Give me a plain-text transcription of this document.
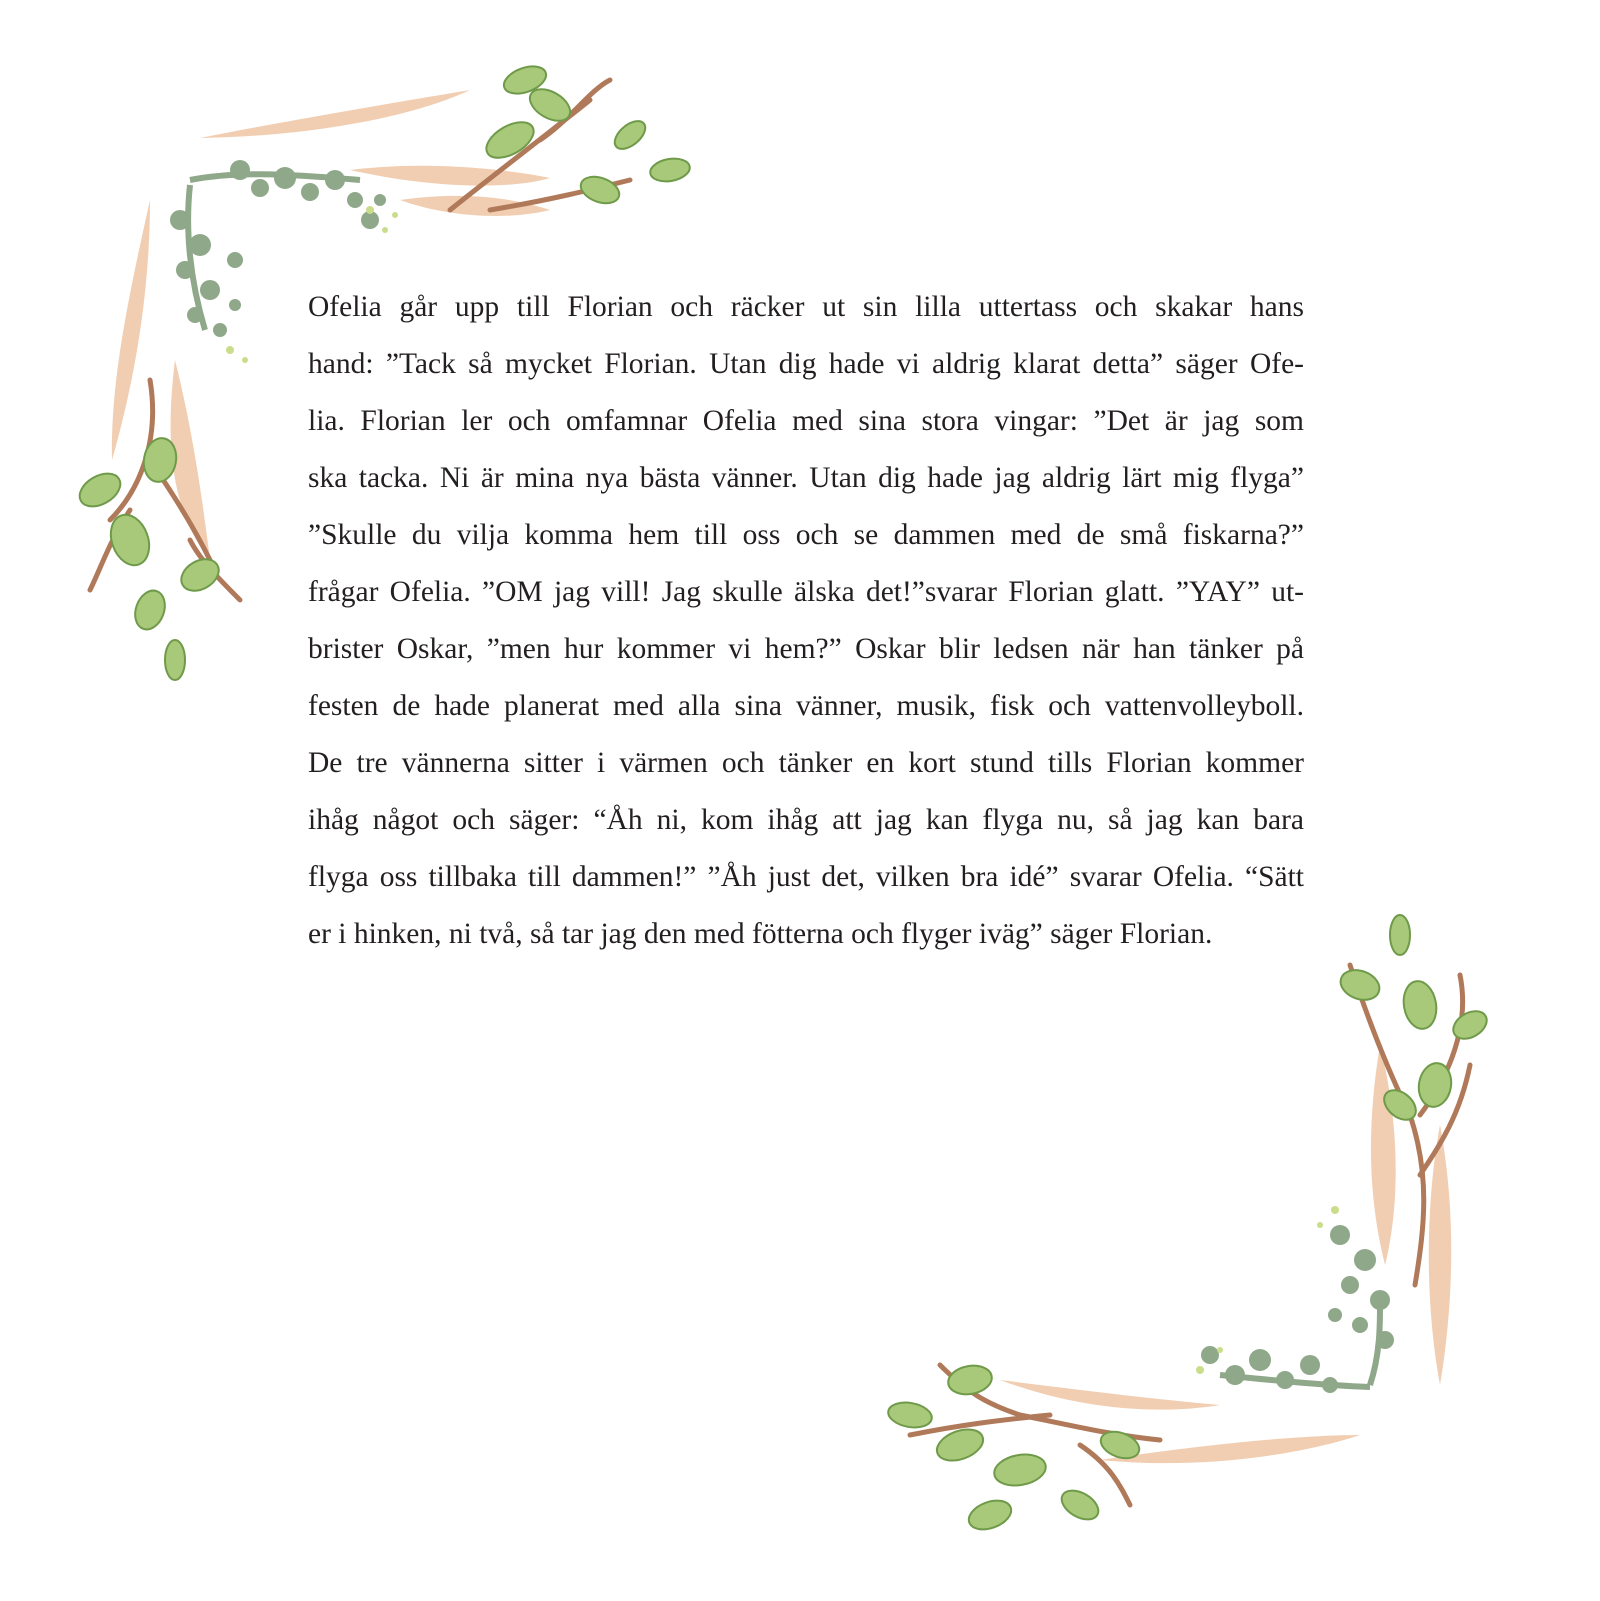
Ofelia går upp till Florian och räcker ut sin lilla uttertass och skakar hans
hand: ”Tack så mycket Florian. Utan dig hade vi aldrig klarat detta” säger Ofe-
lia. Florian ler och omfamnar Ofelia med sina stora vingar: ”Det är jag som
ska tacka. Ni är mina nya bästa vänner. Utan dig hade jag aldrig lärt mig flyga”
”Skulle du vilja komma hem till oss och se dammen med de små fiskarna?”
frågar Ofelia. ”OM jag vill! Jag skulle älska det!”svarar Florian glatt. ”YAY” ut-
brister Oskar, ”men hur kommer vi hem?” Oskar blir ledsen när han tänker på
festen de hade planerat med alla sina vänner, musik, fisk och vattenvolleyboll.
De tre vännerna sitter i värmen och tänker en kort stund tills Florian kommer
ihåg något och säger: “Åh ni, kom ihåg att jag kan flyga nu, så jag kan bara
flyga oss tillbaka till dammen!” ”Åh just det, vilken bra idé” svarar Ofelia. “Sätt
er i hinken, ni två, så tar jag den med fötterna och flyger iväg” säger Florian.
